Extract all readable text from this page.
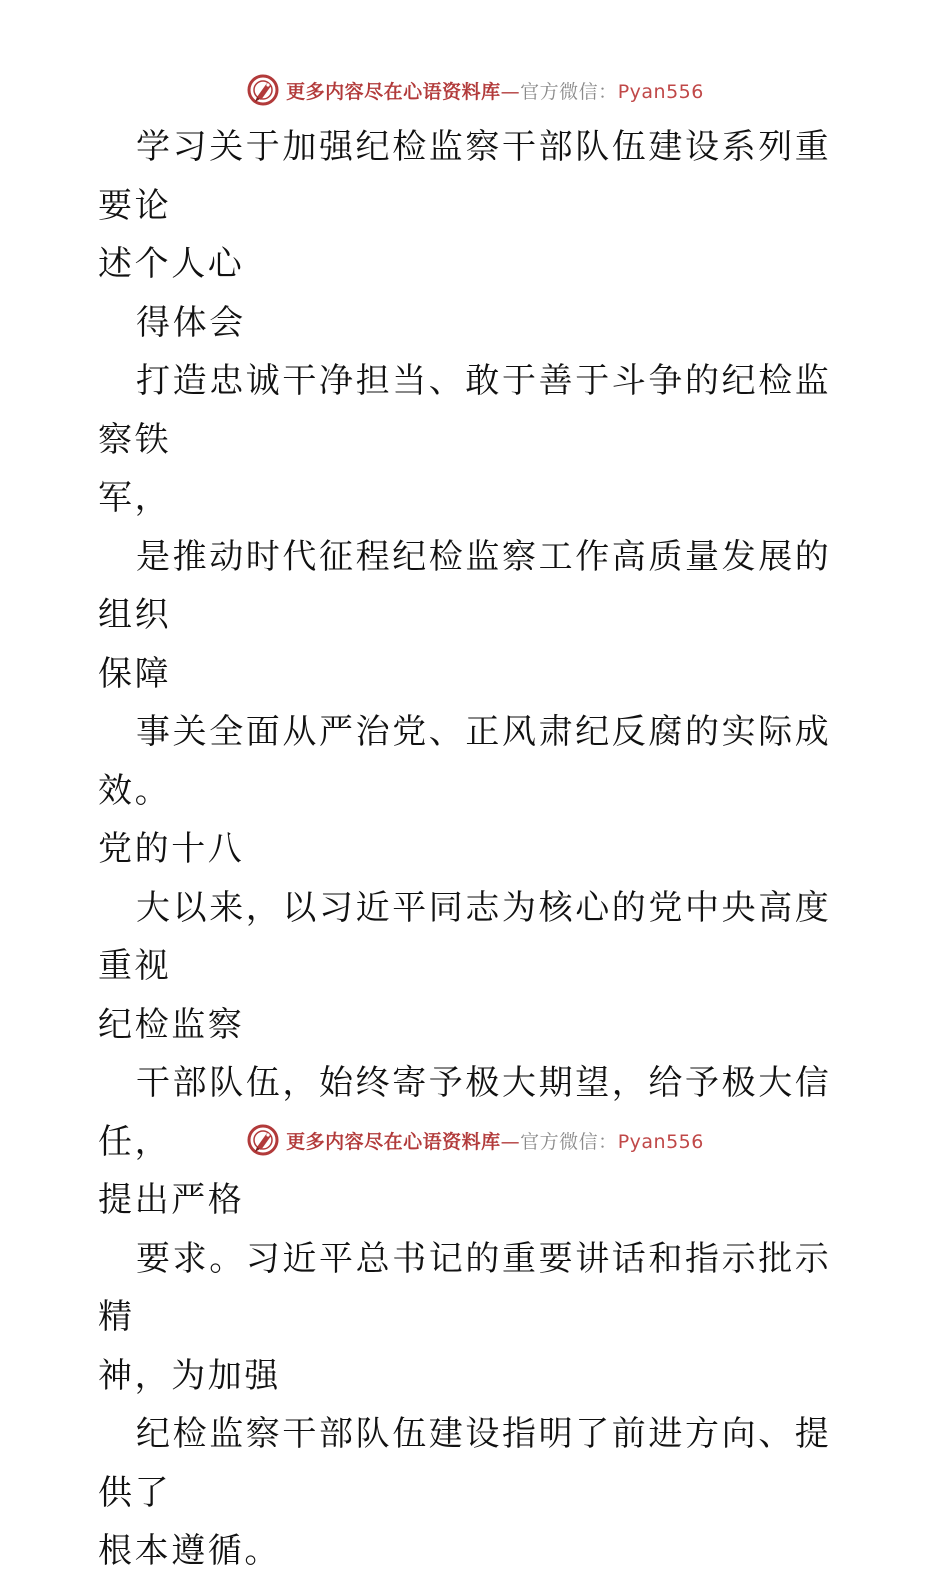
更多内容尽在心语资料库—官方微信：Pyan556

学习关于加强纪检监察干部队伍建设系列重要论
述个人心

得体会

打造忠诚干净担当、敢于善于斗争的纪检监察铁
军，

是推动时代征程纪检监察工作高质量发展的组织
保障

事关全面从严治党、正风肃纪反腐的实际成效。
党的十八

大以来，以习近平同志为核心的党中央高度重视
纪检监察

干部队伍，始终寄予极大期望，给予极大信任，
提出严格

要求。习近平总书记的重要讲话和指示批示精
神，为加强

纪检监察干部队伍建设指明了前进方向、提供了
根本遵循。

更多内容尽在心语资料库—官方微信：Pyan556
